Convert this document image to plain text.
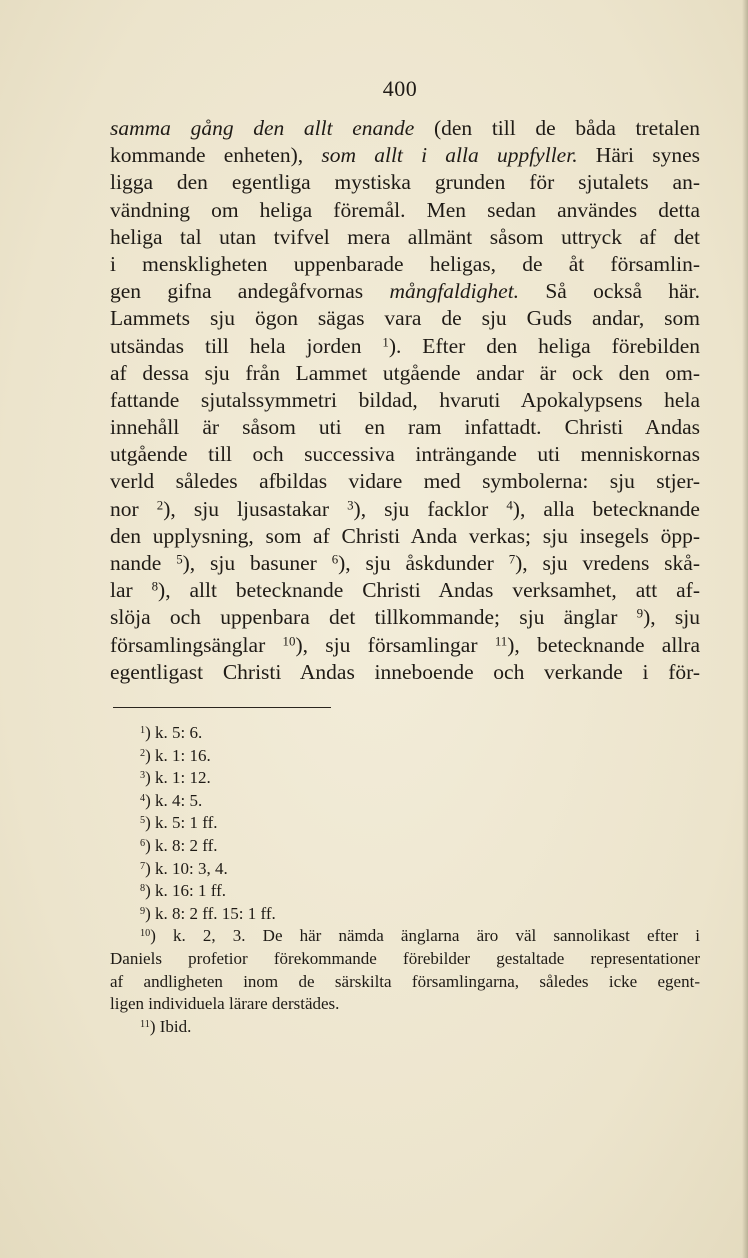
400
samma gång den allt enande (den till de båda tretalen
kommande enheten), som allt i alla uppfyller. Häri synes
ligga den egentliga mystiska grunden för sjutalets an-
vändning om heliga föremål. Men sedan användes detta
heliga tal utan tvifvel mera allmänt såsom uttryck af det
i menskligheten uppenbarade heligas, de åt församlin-
gen gifna andegåfvornas mångfaldighet. Så också här.
Lammets sju ögon sägas vara de sju Guds andar, som
utsändas till hela jorden $^1$). Efter den heliga förebilden
af dessa sju från Lammet utgående andar är ock den om-
fattande sjutalssymmetri bildad, hvaruti Apokalypsens hela
innehåll är såsom uti en ram infattadt. Christi Andas
utgående till och successiva inträngande uti menniskornas
verld således afbildas vidare med symbolerna: sju stjer-
nor $^2$), sju ljusastakar $^3$), sju facklor $^4$), alla betecknande
den upplysning, som af Christi Anda verkas; sju insegels öpp-
nande $^5$), sju basuner $^6$), sju åskdunder $^7$), sju vredens skå-
lar $^8$), allt betecknande Christi Andas verksamhet, att af-
slöja och uppenbara det tillkommande; sju änglar $^9$), sju
församlingsänglar $^{10}$), sju församlingar $^{11}$), betecknande allra
egentligast Christi Andas inneboende och verkande i för-
$^1$) k. 5: 6.
$^2$) k. 1: 16.
$^3$) k. 1: 12.
$^4$) k. 4: 5.
$^5$) k. 5: 1 ff.
$^6$) k. 8: 2 ff.
$^7$) k. 10: 3, 4.
$^8$) k. 16: 1 ff.
$^9$) k. 8: 2 ff. 15: 1 ff.
$^{10}$) k. 2, 3. De här nämda änglarna äro väl sannolikast efter i
Daniels profetior förekommande förebilder gestaltade representationer
af andligheten inom de särskilta församlingarna, således icke egent-
ligen individuela lärare derstädes.
$^{11}$) Ibid.
